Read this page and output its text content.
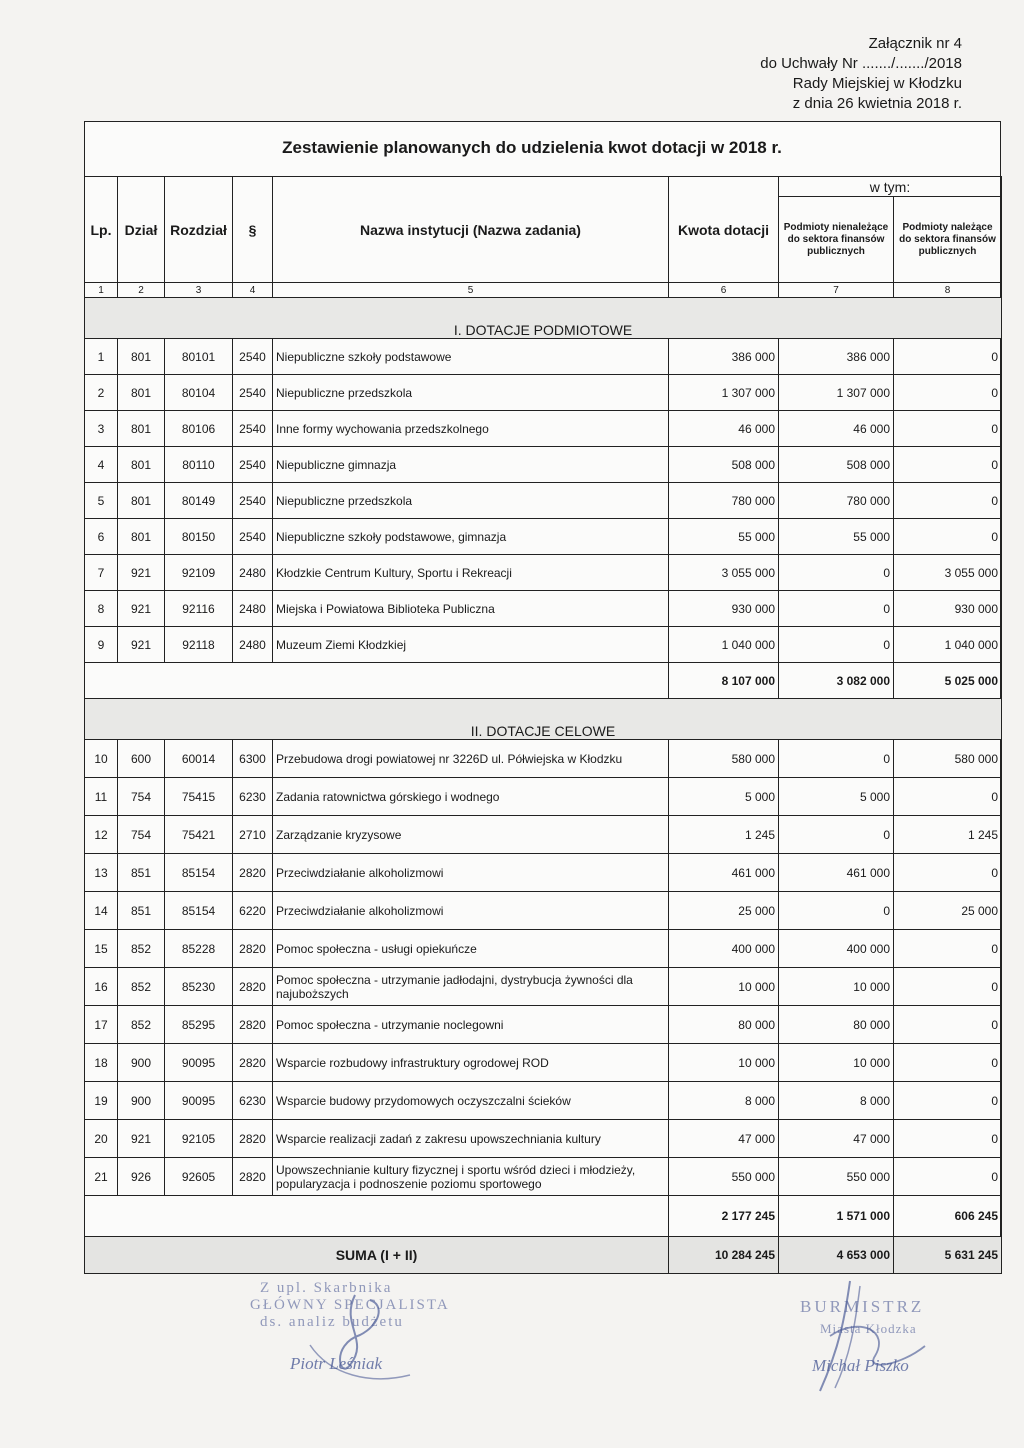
Załącznik nr 4
do Uchwały Nr ......./......./2018
Rady Miejskiej w Kłodzku
z dnia 26 kwietnia 2018 r.
Zestawienie planowanych do udzielenia kwot dotacji w 2018 r.
Lp.	Dział	Rozdział	§	Nazwa instytucji (Nazwa zadania)	Kwota dotacji	w tym:	
						Podmioty nienależące do sektora finansów publicznych	Podmioty należące do sektora finansów publicznych
1	2	3	4	5	6	7	8
I. DOTACJE PODMIOTOWE							
1	801	80101	2540	Niepubliczne szkoły podstawowe	386 000	386 000	0
2	801	80104	2540	Niepubliczne przedszkola	1 307 000	1 307 000	0
3	801	80106	2540	Inne formy wychowania przedszkolnego	46 000	46 000	0
4	801	80110	2540	Niepubliczne gimnazja	508 000	508 000	0
5	801	80149	2540	Niepubliczne przedszkola	780 000	780 000	0
6	801	80150	2540	Niepubliczne szkoły podstawowe, gimnazja	55 000	55 000	0
7	921	92109	2480	Kłodzkie Centrum Kultury, Sportu i Rekreacji	3 055 000	0	3 055 000
8	921	92116	2480	Miejska i Powiatowa Biblioteka Publiczna	930 000	0	930 000
9	921	92118	2480	Muzeum Ziemi Kłodzkiej	1 040 000	0	1 040 000
					8 107 000	3 082 000	5 025 000
II. DOTACJE CELOWE							
10	600	60014	6300	Przebudowa drogi powiatowej nr 3226D ul. Półwiejska w Kłodzku	580 000	0	580 000
11	754	75415	6230	Zadania ratownictwa górskiego i wodnego	5 000	5 000	0
12	754	75421	2710	Zarządzanie kryzysowe	1 245	0	1 245
13	851	85154	2820	Przeciwdziałanie alkoholizmowi	461 000	461 000	0
14	851	85154	6220	Przeciwdziałanie alkoholizmowi	25 000	0	25 000
15	852	85228	2820	Pomoc społeczna - usługi opiekuńcze	400 000	400 000	0
16	852	85230	2820	Pomoc społeczna - utrzymanie jadłodajni, dystrybucja żywności dla najuboższych	10 000	10 000	0
17	852	85295	2820	Pomoc społeczna - utrzymanie noclegowni	80 000	80 000	0
18	900	90095	2820	Wsparcie rozbudowy infrastruktury ogrodowej ROD	10 000	10 000	0
19	900	90095	6230	Wsparcie budowy przydomowych oczyszczalni ścieków	8 000	8 000	0
20	921	92105	2820	Wsparcie realizacji zadań z zakresu upowszechniania kultury	47 000	47 000	0
21	926	92605	2820	Upowszechnianie kultury fizycznej i sportu wśród dzieci i młodzieży, popularyzacja i podnoszenie poziomu sportowego	550 000	550 000	0
					2 177 245	1 571 000	606 245
SUMA (I + II)					10 284 245	4 653 000	5 631 245
Z upl. Skarbnika
GŁÓWNY SPECJALISTA
ds. analiz budżetu
Piotr Leśniak
BURMISTRZ
Miasta Kłodzka
Michał Piszko
